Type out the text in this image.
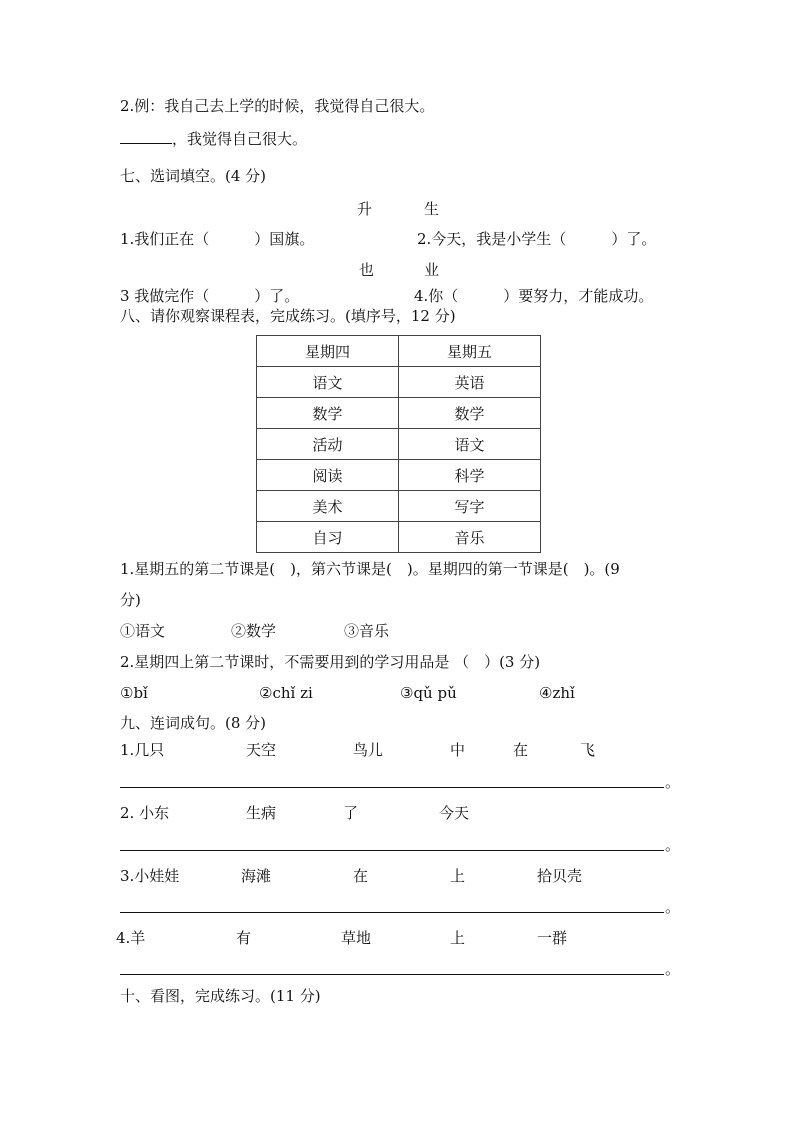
2.例：我自己去上学的时候，我觉得自己很大。
，我觉得自己很大。
七、选词填空。(4 分)
升	生
1.我们正在（　　　）国旗。	2.今天，我是小学生（　　　）了。
也	业
3 我做完作（　　　）了。	4.你（　　　）要努力，才能成功。
八、请你观察课程表，完成练习。(填序号，12 分)
星期四	星期五
语文	英语
数学	数学
活动	语文
阅读	科学
美术	写字
自习	音乐
1.星期五的第二节课是(　)，第六节课是(　)。星期四的第一节课是(　)。(9
分)
①语文	②数学	③音乐
2.星期四上第二节课时，不需要用到的学习用品是 （　）(3 分)
①bǐ	②chǐ zi	③qǔ pǔ	④zhǐ
九、连词成句。(8 分)
1.几只	天空	鸟儿	中	在	飞
。
2. 小东	生病	了	今天
。
3.小娃娃	海滩	在	上	拾贝壳
。
4.羊	有	草地	上	一群
。
十、看图，完成练习。(11 分)
